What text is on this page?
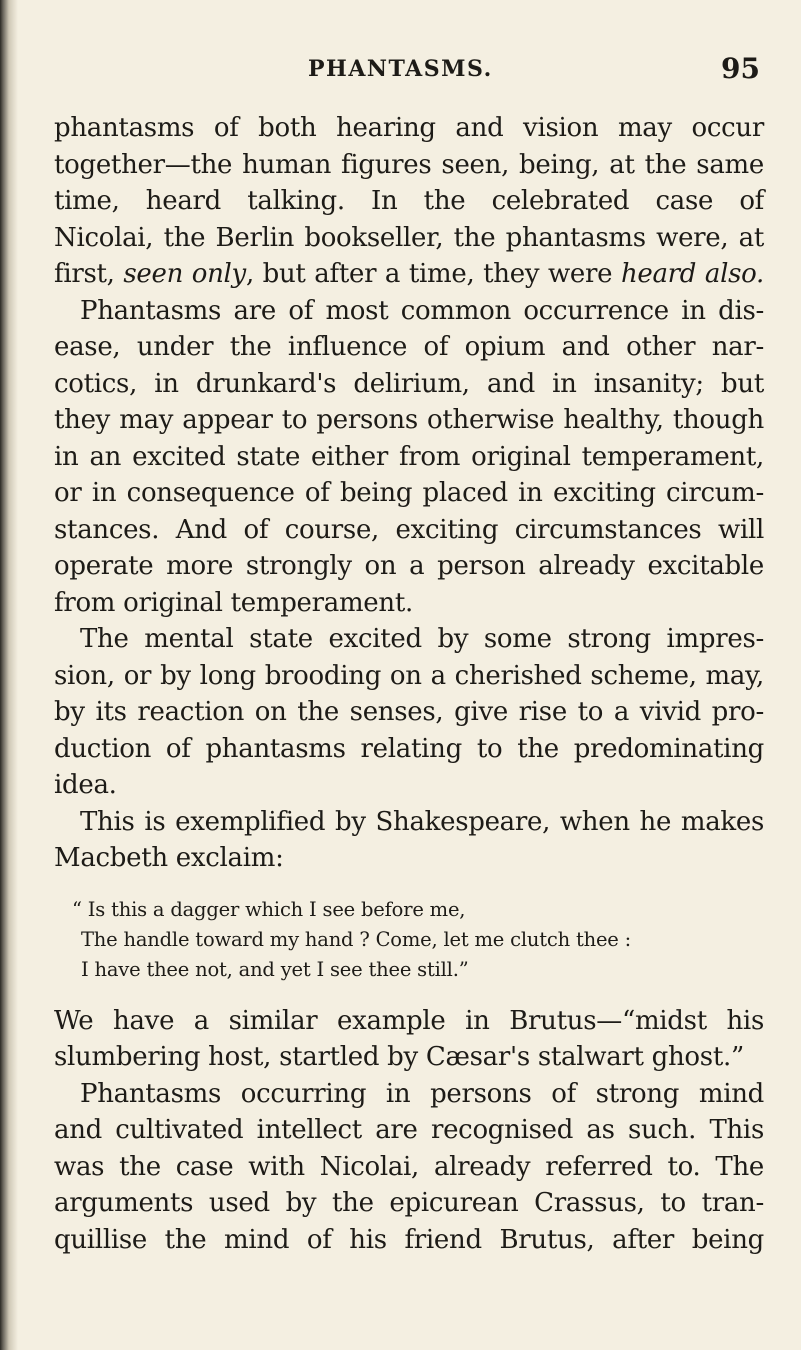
PHANTASMS.	95
phantasms of both hearing and vision may occur
together—the human figures seen, being, at the same
time, heard talking. In the celebrated case of
Nicolai, the Berlin bookseller, the phantasms were, at
first, seen only, but after a time, they were heard also.
Phantasms are of most common occurrence in dis-
ease, under the influence of opium and other nar-
cotics, in drunkard's delirium, and in insanity; but
they may appear to persons otherwise healthy, though
in an excited state either from original temperament,
or in consequence of being placed in exciting circum-
stances. And of course, exciting circumstances will
operate more strongly on a person already excitable
from original temperament.
The mental state excited by some strong impres-
sion, or by long brooding on a cherished scheme, may,
by its reaction on the senses, give rise to a vivid pro-
duction of phantasms relating to the predominating
idea.
This is exemplified by Shakespeare, when he makes
Macbeth exclaim:
“ Is this a dagger which I see before me,
The handle toward my hand ? Come, let me clutch thee :
I have thee not, and yet I see thee still.”
We have a similar example in Brutus—“midst his
slumbering host, startled by Cæsar's stalwart ghost.”
Phantasms occurring in persons of strong mind
and cultivated intellect are recognised as such. This
was the case with Nicolai, already referred to. The
arguments used by the epicurean Crassus, to tran-
quillise the mind of his friend Brutus, after being
